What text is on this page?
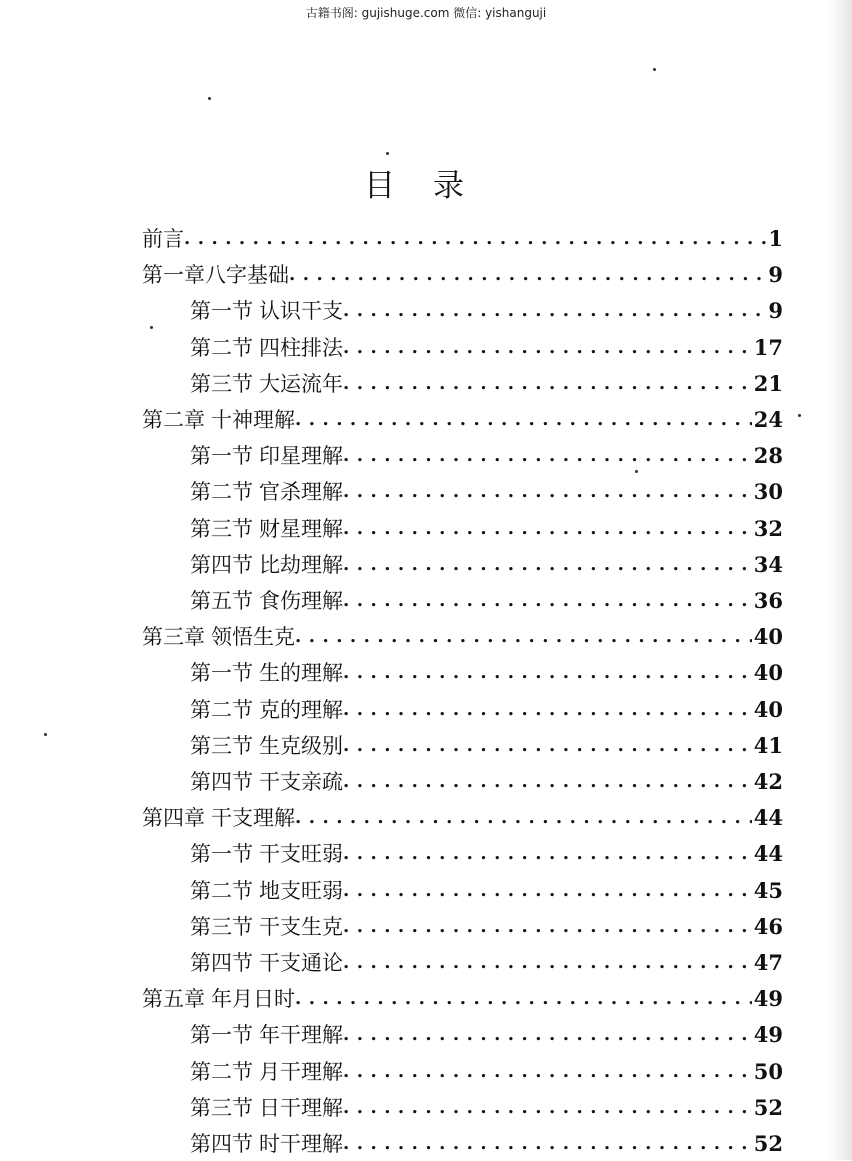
古籍书阁: gujishuge.com 微信: yishanguji
目录
前言 . . .	1
第一章八字基础 . . .	9
第一节 认识干支 . . .	9
第二节 四柱排法 . . .	17
第三节 大运流年 . . .	21
第二章 十神理解 . . .	24
第一节 印星理解 . . .	28
第二节 官杀理解 . . .	30
第三节 财星理解 . . .	32
第四节 比劫理解 . . .	34
第五节 食伤理解 . . .	36
第三章 领悟生克 . . .	40
第一节 生的理解 . . .	40
第二节 克的理解 . . .	40
第三节 生克级别 . . .	41
第四节 干支亲疏 . . .	42
第四章 干支理解 . . .	44
第一节 干支旺弱 . . .	44
第二节 地支旺弱 . . .	45
第三节 干支生克 . . .	46
第四节 干支通论 . . .	47
第五章 年月日时 . . .	49
第一节 年干理解 . . .	49
第二节 月干理解 . . .	50
第三节 日干理解 . . .	52
第四节 时干理解 . . .	52
